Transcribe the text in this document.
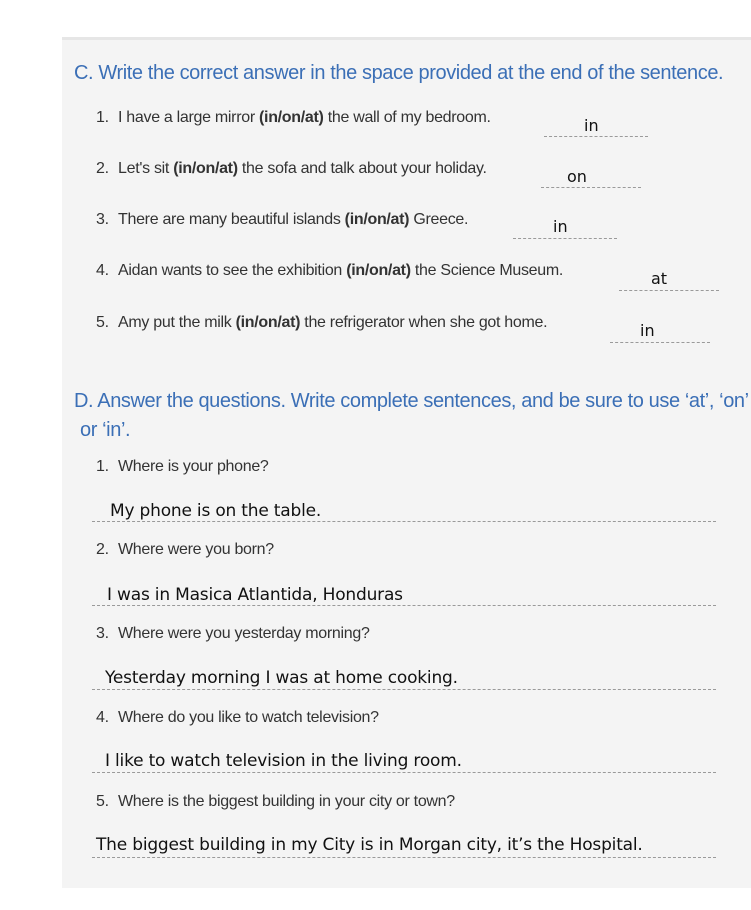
C. Write the correct answer in the space provided at the end of the sentence.
1. I have a large mirror (in/on/at) the wall of my bedroom.	in
2. Let's sit (in/on/at) the sofa and talk about your holiday.	on
3. There are many beautiful islands (in/on/at) Greece.	in
4. Aidan wants to see the exhibition (in/on/at) the Science Museum.	at
5. Amy put the milk (in/on/at) the refrigerator when she got home.	in
D. Answer the questions. Write complete sentences, and be sure to use ‘at’, ‘on’
or ‘in’.
1. Where is your phone?
My phone is on the table.
2. Where were you born?
I was in Masica Atlantida, Honduras
3. Where were you yesterday morning?
Yesterday morning I was at home cooking.
4. Where do you like to watch television?
I like to watch television in the living room.
5. Where is the biggest building in your city or town?
The biggest building in my City is in Morgan city, it’s the Hospital.
